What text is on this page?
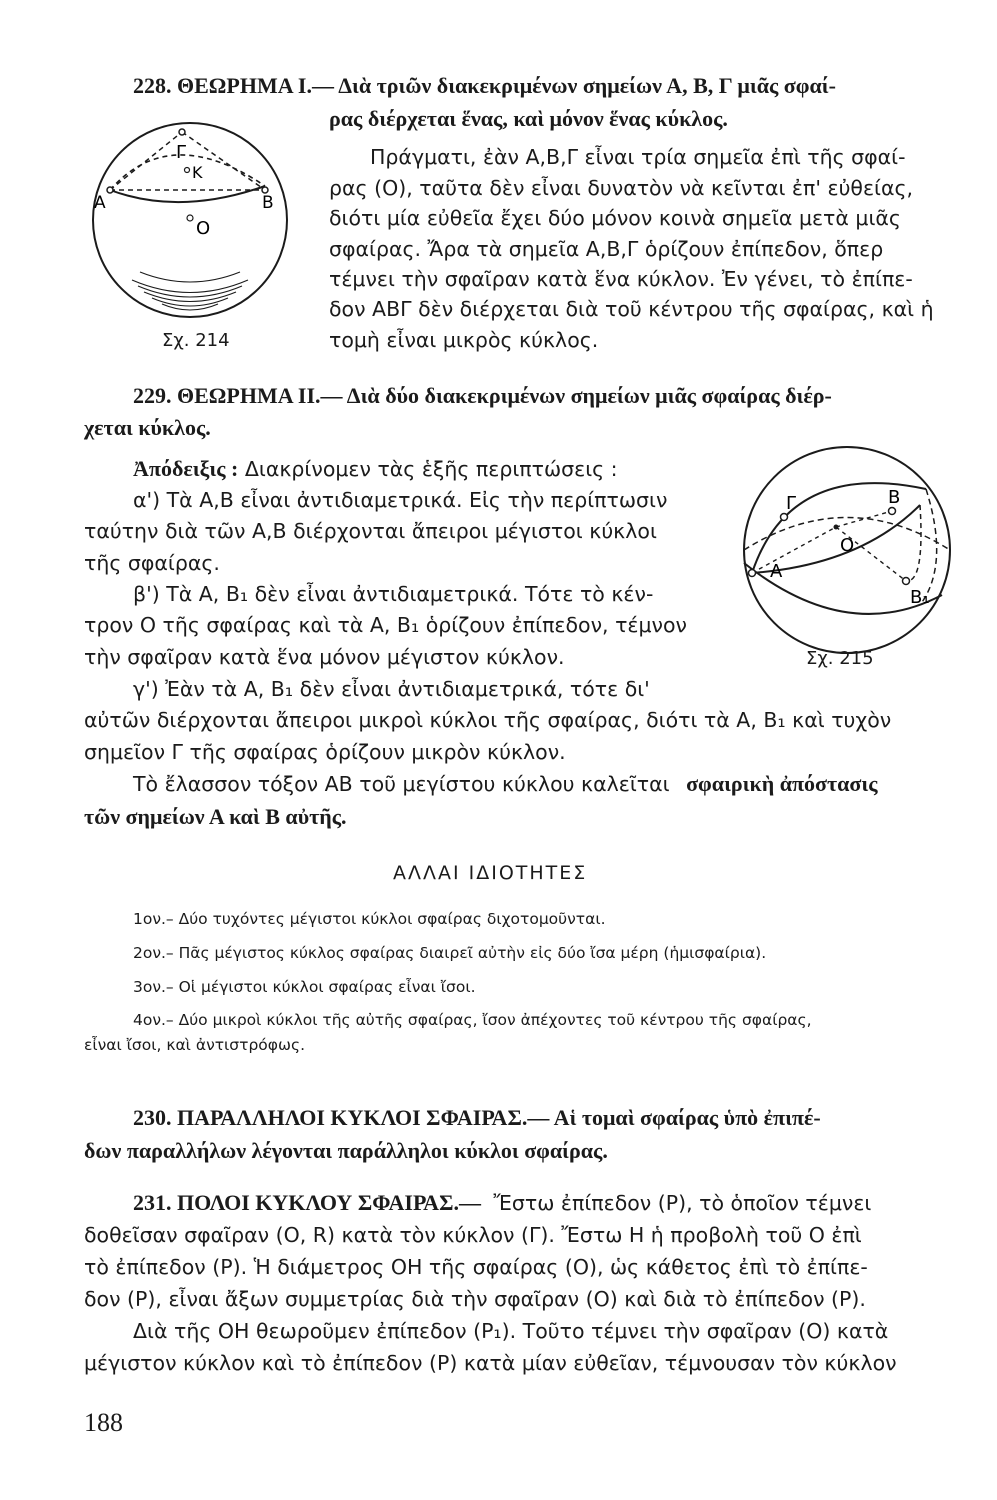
228. ΘΕΩΡΗΜΑ Ι.— Διὰ τριῶν διακεκριμένων σημείων Α, Β, Γ μιᾶς σφαί-
ρας διέρχεται ἕνας, καὶ μόνον ἕνας κύκλος.
Πράγματι, ἐὰν Α,Β,Γ εἶναι τρία σημεῖα ἐπὶ τῆς σφαί-
ρας (Ο), ταῦτα δὲν εἶναι δυνατὸν νὰ κεῖνται ἐπ' εὐθείας,
διότι μία εὐθεῖα ἔχει δύο μόνον κοινὰ σημεῖα μετὰ μιᾶς
σφαίρας. Ἄρα τὰ σημεῖα Α,Β,Γ ὁρίζουν ἐπίπεδον, ὅπερ
τέμνει τὴν σφαῖραν κατὰ ἕνα κύκλον. Ἐν γένει, τὸ ἐπίπε-
δον ΑΒΓ δὲν διέρχεται διὰ τοῦ κέντρου τῆς σφαίρας, καὶ ἡ
τομὴ εἶναι μικρὸς κύκλος.
Γ
K
A	B
O
Σχ. 214
229. ΘΕΩΡΗΜΑ ΙΙ.— Διὰ δύο διακεκριμένων σημείων μιᾶς σφαίρας διέρ-
χεται κύκλος.
Ἀπόδειξις : Διακρίνομεν τὰς ἑξῆς περιπτώσεις :
α') Τὰ Α,Β εἶναι ἀντιδιαμετρικά. Εἰς τὴν περίπτωσιν
ταύτην διὰ τῶν Α,Β διέρχονται ἄπειροι μέγιστοι κύκλοι
τῆς σφαίρας.
β') Τὰ Α, Β₁ δὲν εἶναι ἀντιδιαμετρικά. Τότε τὸ κέν-
τρον Ο τῆς σφαίρας καὶ τὰ Α, Β₁ ὁρίζουν ἐπίπεδον, τέμνον
τὴν σφαῖραν κατὰ ἕνα μόνον μέγιστον κύκλον.
γ') Ἐὰν τὰ Α, Β₁ δὲν εἶναι ἀντιδιαμετρικά, τότε δι'
αὐτῶν διέρχονται ἄπειροι μικροὶ κύκλοι τῆς σφαίρας, διότι τὰ Α, Β₁ καὶ τυχὸν
σημεῖον Γ τῆς σφαίρας ὁρίζουν μικρὸν κύκλον.
Τὸ ἔλασσον τόξον ΑΒ τοῦ μεγίστου κύκλου καλεῖται σφαιρικὴ ἀπόστασις
τῶν σημείων Α καὶ Β αὐτῆς.
Γ	B
O
A
B₁
Σχ. 215
ΑΛΛΑΙ ΙΔΙΟΤΗΤΕΣ
1ον.– Δύο τυχόντες μέγιστοι κύκλοι σφαίρας διχοτομοῦνται.
2ον.– Πᾶς μέγιστος κύκλος σφαίρας διαιρεῖ αὐτὴν εἰς δύο ἴσα μέρη (ἡμισφαίρια).
3ον.– Οἱ μέγιστοι κύκλοι σφαίρας εἶναι ἴσοι.
4ον.– Δύο μικροὶ κύκλοι τῆς αὐτῆς σφαίρας, ἴσον ἀπέχοντες τοῦ κέντρου τῆς σφαίρας,
εἶναι ἴσοι, καὶ ἀντιστρόφως.
230. ΠΑΡΑΛΛΗΛΟΙ ΚΥΚΛΟΙ ΣΦΑΙΡΑΣ.— Αἱ τομαὶ σφαίρας ὑπὸ ἐπιπέ-
δων παραλλήλων λέγονται παράλληλοι κύκλοι σφαίρας.
231. ΠΟΛΟΙ ΚΥΚΛΟΥ ΣΦΑΙΡΑΣ.— Ἔστω ἐπίπεδον (Ρ), τὸ ὁποῖον τέμνει
δοθεῖσαν σφαῖραν (O, R) κατὰ τὸν κύκλον (Γ). Ἔστω Η ἡ προβολὴ τοῦ Ο ἐπὶ
τὸ ἐπίπεδον (Ρ). Ἡ διάμετρος ΟΗ τῆς σφαίρας (Ο), ὡς κάθετος ἐπὶ τὸ ἐπίπε-
δον (Ρ), εἶναι ἄξων συμμετρίας διὰ τὴν σφαῖραν (Ο) καὶ διὰ τὸ ἐπίπεδον (Ρ).
Διὰ τῆς ΟΗ θεωροῦμεν ἐπίπεδον (Ρ₁). Τοῦτο τέμνει τὴν σφαῖραν (Ο) κατὰ
μέγιστον κύκλον καὶ τὸ ἐπίπεδον (Ρ) κατὰ μίαν εὐθεῖαν, τέμνουσαν τὸν κύκλον
188
